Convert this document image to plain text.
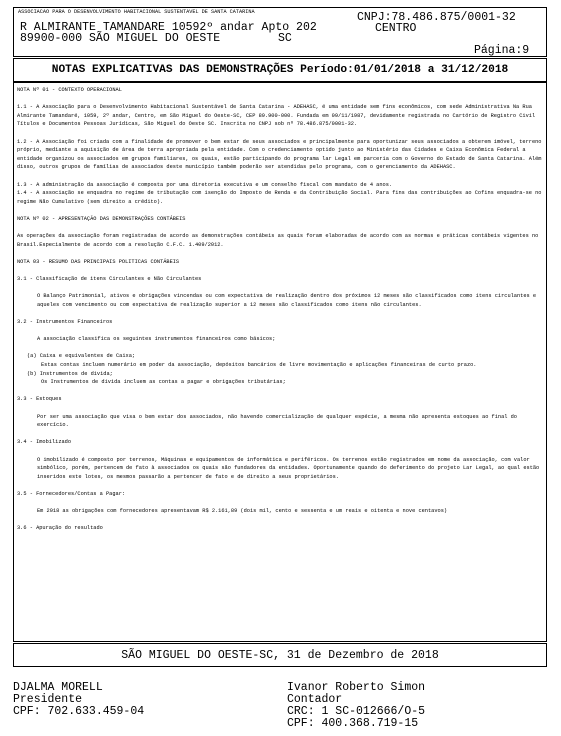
ASSOCIACAO PARA O DESENVOLVIMENTO HABITACIONAL SUSTENTAVEL DE SANTA CATARINA
R ALMIRANTE TAMANDARE 10592º andar Apto 202
89900-000 SÃO MIGUEL DO OESTE	SC
CNPJ:78.486.875/0001-32
CENTRO
Página:9
NOTAS EXPLICATIVAS DAS DEMONSTRAÇÕES Período:01/01/2018 a 31/12/2018

NOTA Nº 01 - CONTEXTO OPERACIONAL

1.1 - A Associação para o Desenvolvimento Habitacional Sustentável de Santa Catarina - ADEHASC, é uma entidade sem fins econômicos, com sede Administrativa Na Rua Almirante Tamandaré, 1059, 2º andar, Centro, em São Miguel do Oeste-SC, CEP 89.900-000. Fundada em 09/11/1987, devidamente registrada no Cartório de Registro Civil Títulos e Documentos Pessoas Jurídicas, São Miguel do Oeste SC. Inscrita no CNPJ sob nº 78.486.875/0001-32.

1.2 - A Associação foi criada com a finalidade de promover o bem estar de seus associados e principalmente para oportunizar seus associados a obterem imóvel, terreno próprio, mediante a aquisição de área de terra apropriada pela entidade. Com o credenciamento optido junto ao Ministério das Cidades e Caixa Econômica Federal a entidade organizou os associados em grupos familiares, os quais, estão participando do programa lar Legal em parceria com o Governo do Estado de Santa Catarina. Além disso, outros grupos de famílias de associados deste município também poderão ser atendidas pelo programa, com o gerenciamento da ADEHASC.

1.3 - A administração da associação é composta por uma diretoria executiva e um conselho fiscal com mandato de 4 anos.

1.4 - A associação se enquadra no regime de tributação com isenção do Imposto de Renda e da Contribuição Social. Para fins das contribuições ao Cofins enquadra-se no regime Não Cumulativo (sem direito a crédito).

NOTA Nº 02 - APRESENTAÇÃO DAS DEMONSTRAÇÕES CONTÁBEIS

As operações da associação foram registradas de acordo as demonstrações contábeis as quais foram elaboradas de acordo com as normas e práticas contábeis vigentes no Brasil.Especialmente de acordo com a resolução C.F.C. 1.409/2012.

NOTA 03 - RESUMO DAS PRINCIPAIS POLITICAS CONTÁBEIS

3.1 - Classificação de itens Circulantes e Não Circulantes

O Balanço Patrimonial, ativos e obrigações vincendas ou com expectativa de realização dentro dos próximos 12 meses são classificados como itens circulantes e aqueles com vencimento ou com expectativa de realização superior a 12 meses são classificados como itens não circulantes.

3.2 - Instrumentos Financeiros

A associação classifica os seguintes instrumentos financeiros como básicos;

(a) Caixa e equivalentes de Caixa;

Estas contas incluem numerário em poder da associação, depósitos bancários de livre movimentação e aplicações financeiras de curto prazo.

(b) Instrumentos de divida;

Os Instrumentos de divida incluem as contas a pagar e obrigações tributárias;

3.3 - Estoques

Por ser uma associação que visa o bem estar dos associados, não havendo comercialização de qualquer espécie, a mesma não apresenta estoques ao final do exercício.

3.4 - Imobilizado

O imobilizado é composto por terrenos, Máquinas e equipamentos de informática e periféricos. Os terrenos estão registrados em nome da associação, com valor simbólico, porém, pertencem de fato à associados os quais são fundadores da entidades. Oportunamente quando do deferimento do projeto Lar Legal, ao qual estão inseridos este lotes, os mesmos passarão a pertencer de fato e de direito a seus proprietários.

3.5 - Fornecedores/Contas a Pagar:

Em 2018 as obrigações com fornecedores apresentavam R$ 2.161,89 (dois mil, cento e sessenta e um reais e oitenta e nove centavos)

3.6 - Apuração do resultado

SÃO MIGUEL DO OESTE-SC, 31 de Dezembro de 2018
DJALMA MORELL
Presidente
CPF: 702.633.459-04
Ivanor Roberto Simon
Contador
CRC: 1 SC-012666/O-5
CPF: 400.368.719-15
